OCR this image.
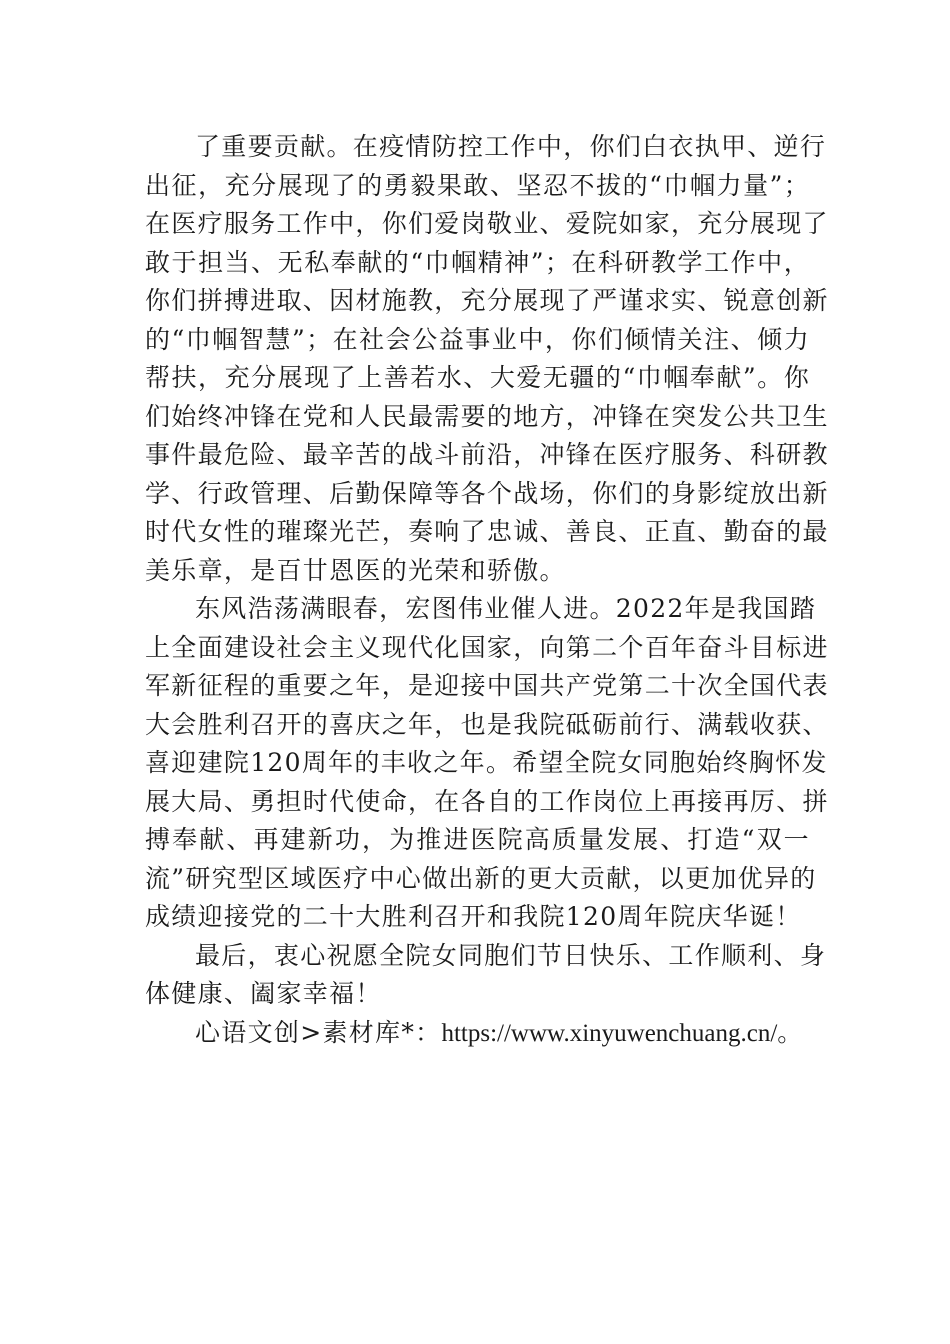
了重要贡献。在疫情防控工作中，你们白衣执甲、逆行
出征，充分展现了的勇毅果敢、坚忍不拔的“巾帼力量”；
在医疗服务工作中，你们爱岗敬业、爱院如家，充分展现了
敢于担当、无私奉献的“巾帼精神”；在科研教学工作中，
你们拼搏进取、因材施教，充分展现了严谨求实、锐意创新
的“巾帼智慧”；在社会公益事业中，你们倾情关注、倾力
帮扶，充分展现了上善若水、大爱无疆的“巾帼奉献”。你
们始终冲锋在党和人民最需要的地方，冲锋在突发公共卫生
事件最危险、最辛苦的战斗前沿，冲锋在医疗服务、科研教
学、行政管理、后勤保障等各个战场，你们的身影绽放出新
时代女性的璀璨光芒，奏响了忠诚、善良、正直、勤奋的最
美乐章，是百廿恩医的光荣和骄傲。
东风浩荡满眼春，宏图伟业催人进。2022年是我国踏
上全面建设社会主义现代化国家，向第二个百年奋斗目标进
军新征程的重要之年，是迎接中国共产党第二十次全国代表
大会胜利召开的喜庆之年，也是我院砥砺前行、满载收获、
喜迎建院120周年的丰收之年。希望全院女同胞始终胸怀发
展大局、勇担时代使命，在各自的工作岗位上再接再厉、拼
搏奉献、再建新功，为推进医院高质量发展、打造“双一
流”研究型区域医疗中心做出新的更大贡献，以更加优异的
成绩迎接党的二十大胜利召开和我院120周年院庆华诞！
最后，衷心祝愿全院女同胞们节日快乐、工作顺利、身
体健康、阖家幸福！
心语文创>素材库*：https://www.xinyuwenchuang.cn/。
